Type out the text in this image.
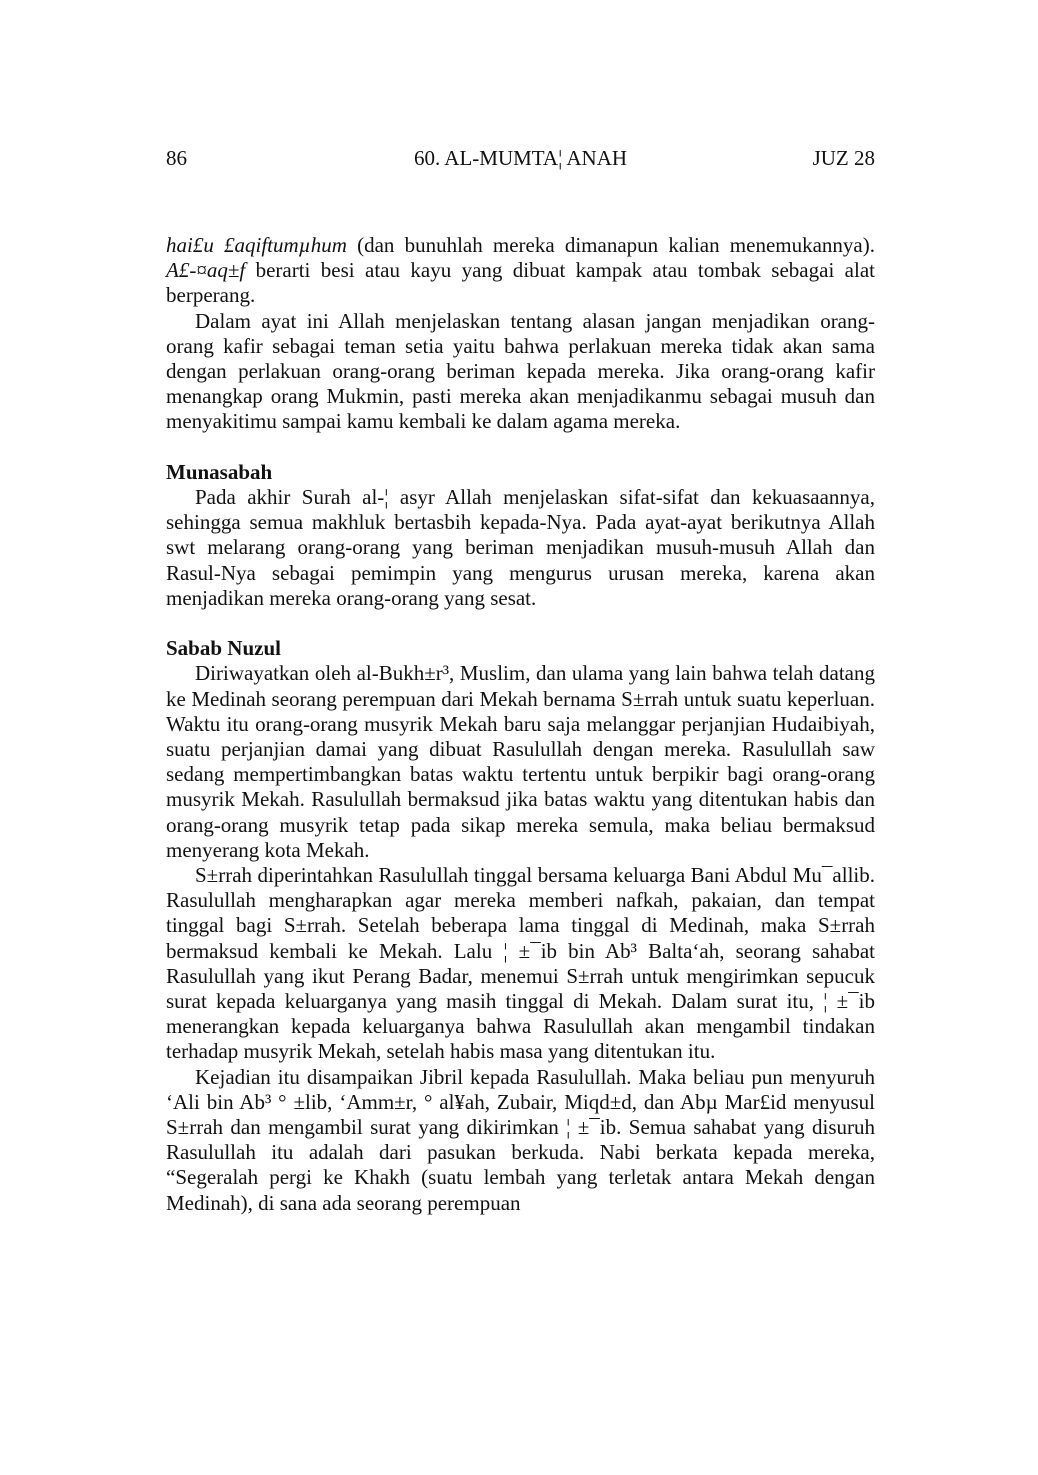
86	60. AL-MUMTA¦ ANAH	JUZ 28

hai£u £aqiftumµhum (dan bunuhlah mereka dimanapun kalian menemukannya). A£-¤aq±f berarti besi atau kayu yang dibuat kampak atau tombak sebagai alat berperang.

Dalam ayat ini Allah menjelaskan tentang alasan jangan menjadikan orang-orang kafir sebagai teman setia yaitu bahwa perlakuan mereka tidak akan sama dengan perlakuan orang-orang beriman kepada mereka. Jika orang-orang kafir menangkap orang Mukmin, pasti mereka akan menjadikanmu sebagai musuh dan menyakitimu sampai kamu kembali ke dalam agama mereka.

Munasabah

Pada akhir Surah al-¦ asyr Allah menjelaskan sifat-sifat dan kekuasaannya, sehingga semua makhluk bertasbih kepada-Nya. Pada ayat-ayat berikutnya Allah swt melarang orang-orang yang beriman menjadikan musuh-musuh Allah dan Rasul-Nya sebagai pemimpin yang mengurus urusan mereka, karena akan menjadikan mereka orang-orang yang sesat.

Sabab Nuzul

Diriwayatkan oleh al-Bukh±r³, Muslim, dan ulama yang lain bahwa telah datang ke Medinah seorang perempuan dari Mekah bernama S±rrah untuk suatu keperluan. Waktu itu orang-orang musyrik Mekah baru saja melanggar perjanjian Hudaibiyah, suatu perjanjian damai yang dibuat Rasulullah dengan mereka. Rasulullah saw sedang mempertimbangkan batas waktu tertentu untuk berpikir bagi orang-orang musyrik Mekah. Rasulullah bermaksud jika batas waktu yang ditentukan habis dan orang-orang musyrik tetap pada sikap mereka semula, maka beliau bermaksud menyerang kota Mekah.

S±rrah diperintahkan Rasulullah tinggal bersama keluarga Bani Abdul Mu¯allib. Rasulullah mengharapkan agar mereka memberi nafkah, pakaian, dan tempat tinggal bagi S±rrah. Setelah beberapa lama tinggal di Medinah, maka S±rrah bermaksud kembali ke Mekah. Lalu ¦ ±¯ib bin Ab³ Balta‘ah, seorang sahabat Rasulullah yang ikut Perang Badar, menemui S±rrah untuk mengirimkan sepucuk surat kepada keluarganya yang masih tinggal di Mekah. Dalam surat itu, ¦ ±¯ib menerangkan kepada keluarganya bahwa Rasulullah akan mengambil tindakan terhadap musyrik Mekah, setelah habis masa yang ditentukan itu.

Kejadian itu disampaikan Jibril kepada Rasulullah. Maka beliau pun menyuruh ‘Ali bin Ab³ ° ±lib, ‘Amm±r, ° al¥ah, Zubair, Miqd±d, dan Abµ Mar£id menyusul S±rrah dan mengambil surat yang dikirimkan ¦ ±¯ib. Semua sahabat yang disuruh Rasulullah itu adalah dari pasukan berkuda. Nabi berkata kepada mereka, “Segeralah pergi ke Khakh (suatu lembah yang terletak antara Mekah dengan Medinah), di sana ada seorang perempuan
